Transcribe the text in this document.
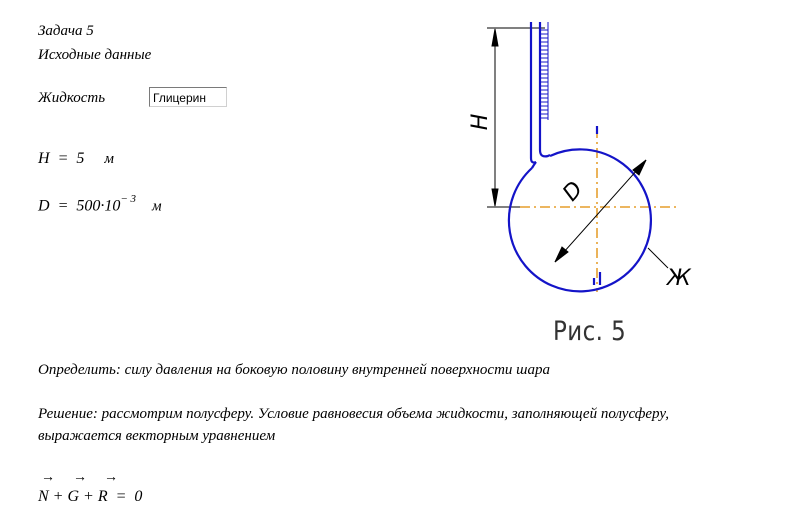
Задача 5
Исходные данные
Жидкость	Глицерин
H = 5 м
$D = 500\cdot 10^{- 3}$ м
H
D
Ж
Рис. 5
Определить: силу давления на боковую половину внутренней поверхности шара
Решение: рассмотрим полусферу. Условие равновесия объема жидкости, заполняющей полусферу,
выражается векторным уравнением
→ → →
N + G + R  =  0
